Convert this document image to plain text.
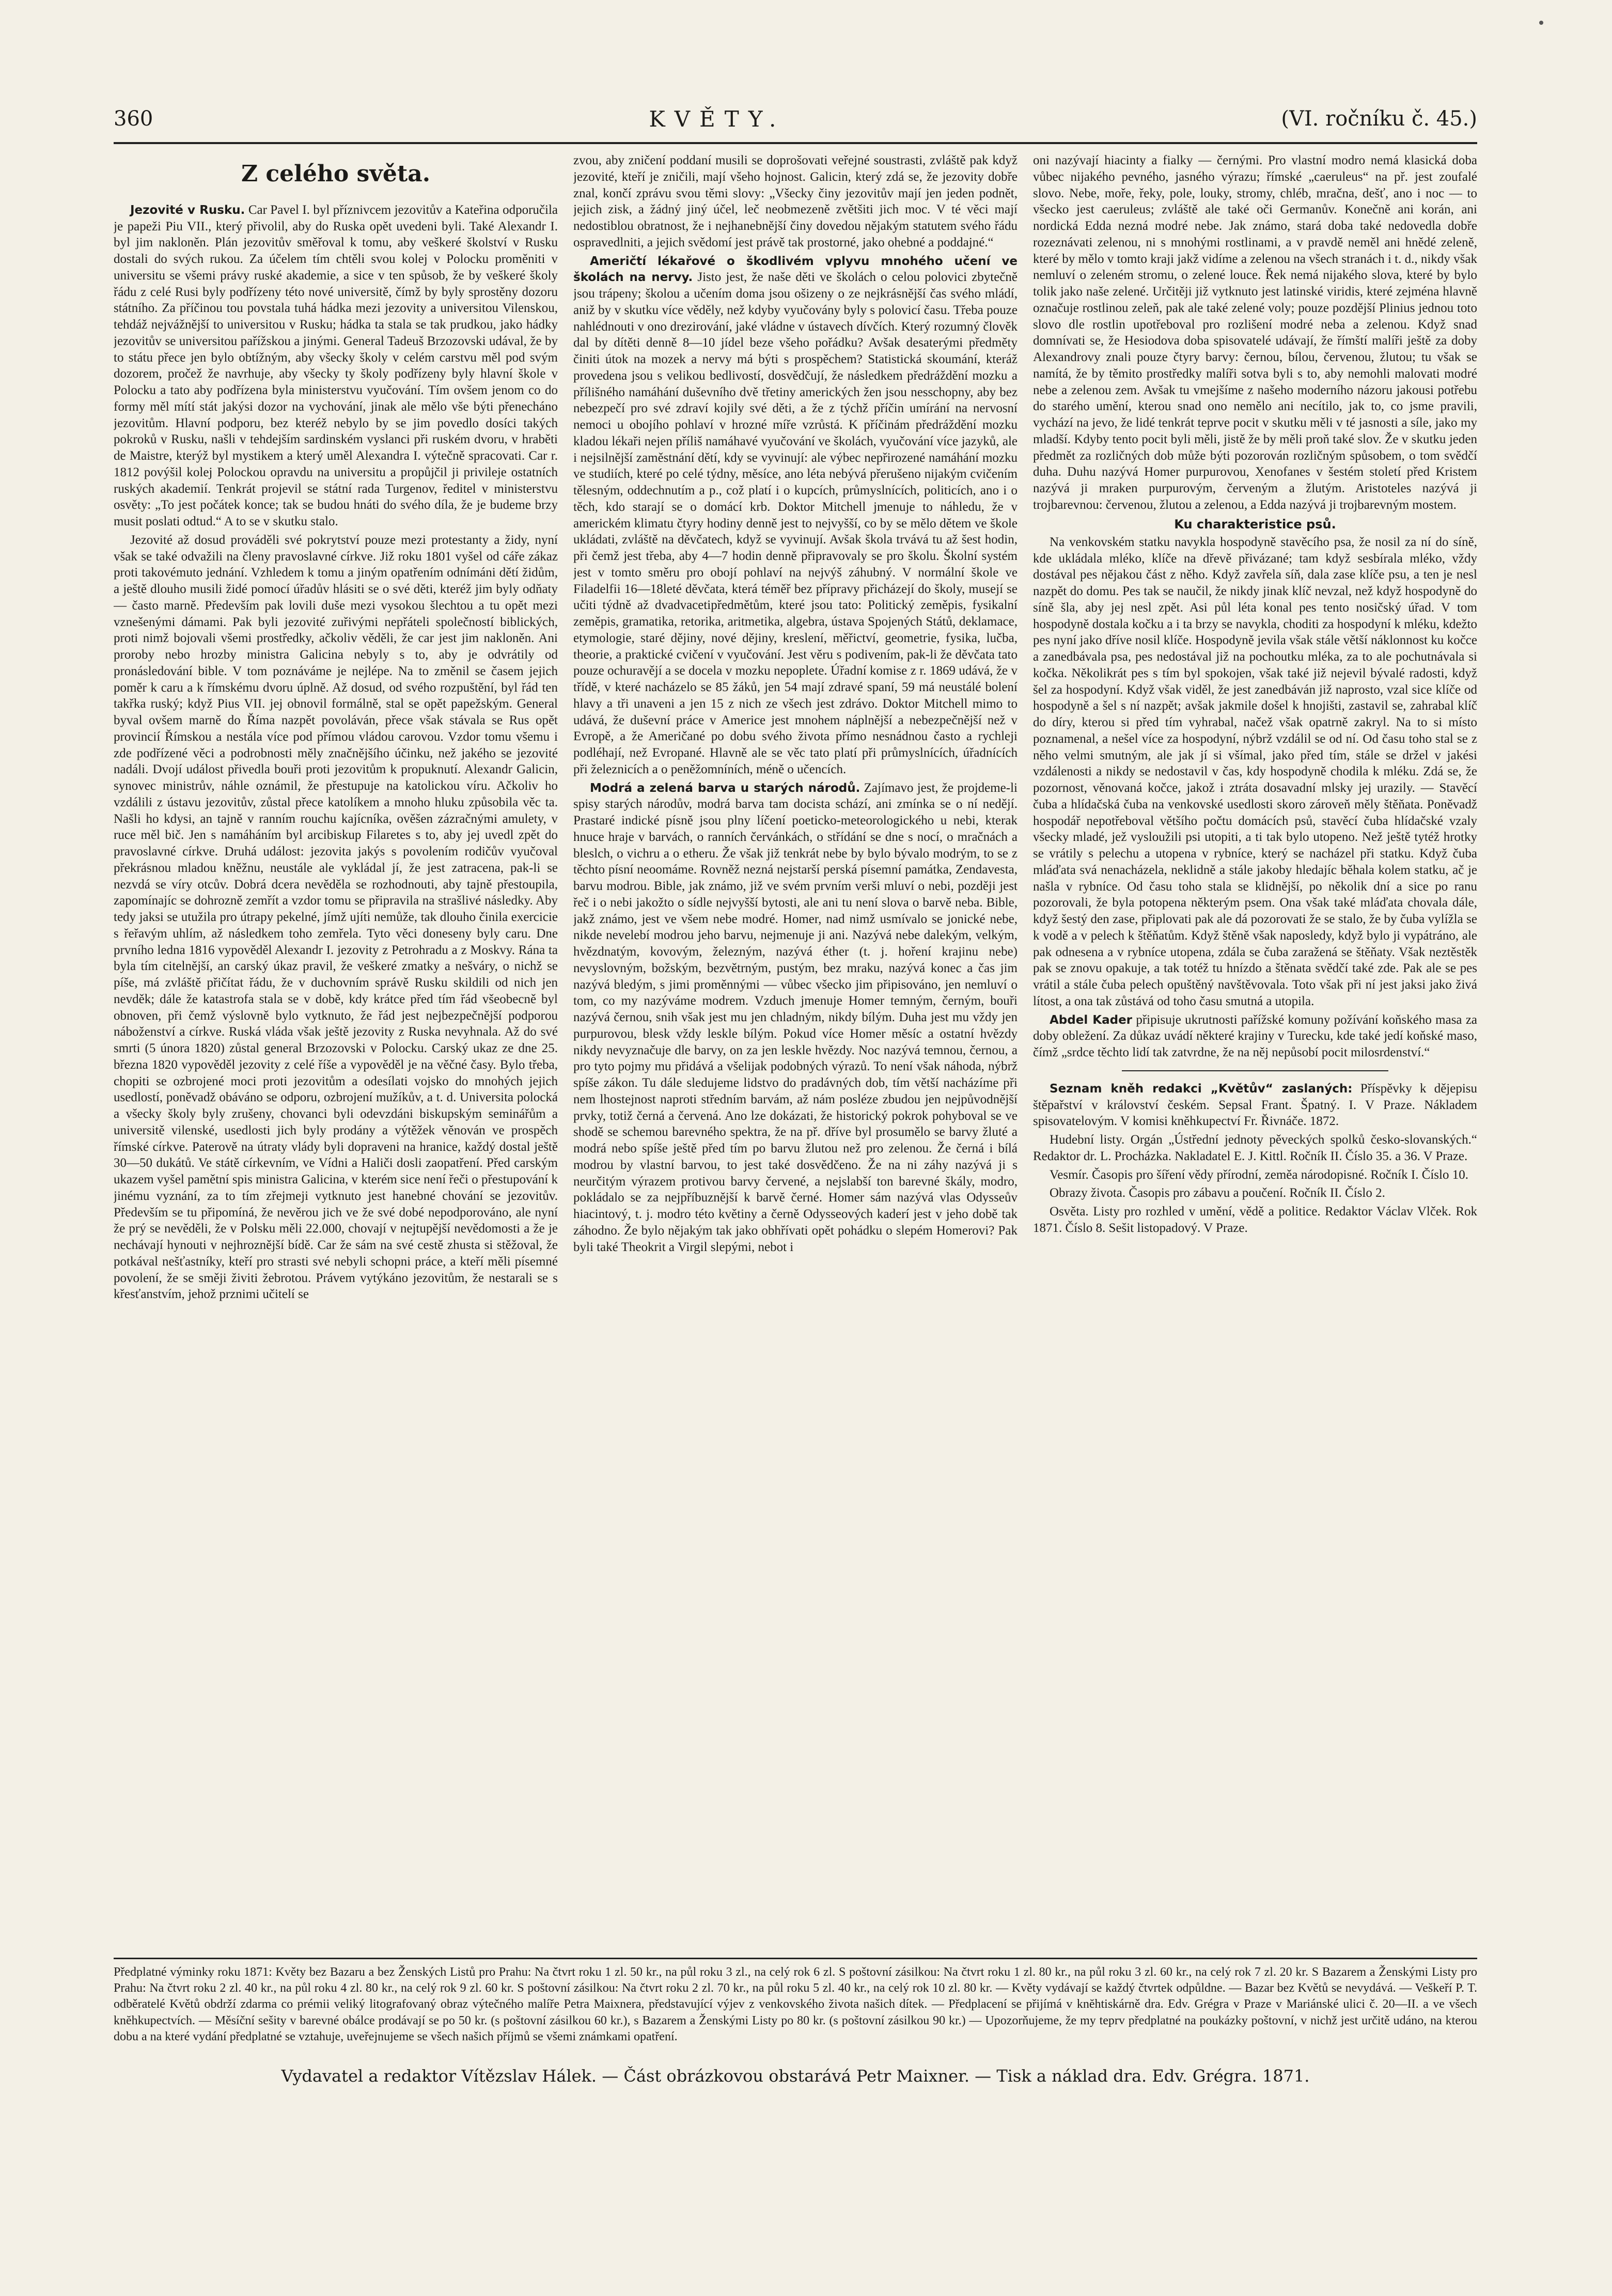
360	KVĚTY.	(VI. ročníku č. 45.)
Z celého světa.

Jezovité v Rusku. Car Pavel I. byl příznivcem jezovitův a Kateřina odporučila je papeži Piu VII., který přivolil, aby do Ruska opět uvedeni byli. Také Alexandr I. byl jim nakloněn. Plán jezovitův směřoval k tomu, aby veškeré školství v Rusku dostali do svých rukou. Za účelem tím chtěli svou kolej v Polocku proměniti v universitu se všemi právy ruské akademie, a sice v ten spůsob, že by veškeré školy řádu z celé Rusi byly podřízeny této nové universitě, čímž by byly sprostěny dozoru státního. Za příčinou tou povstala tuhá hádka mezi jezovity a universitou Vilenskou, tehdáž nejvážnější to universitou v Rusku; hádka ta stala se tak prudkou, jako hádky jezovitův se universitou pařížskou a jinými. General Tadeuš Brzozovski udával, že by to státu přece jen bylo obtížným, aby všecky školy v celém carstvu měl pod svým dozorem, pročež že navrhuje, aby všecky ty školy podřízeny byly hlavní škole v Polocku a tato aby podřízena byla ministerstvu vyučování. Tím ovšem jenom co do formy měl mítí stát jakýsi dozor na vychování, jinak ale mělo vše býti přenecháno jezovitům. Hlavní podporu, bez kteréž nebylo by se jim povedlo dosíci takých pokroků v Rusku, našli v tehdejším sardinském vyslanci při ruském dvoru, v hraběti de Maistre, kterýž byl mystikem a který uměl Alexandra I. výtečně spracovati. Car r. 1812 povýšil kolej Polockou opravdu na universitu a propůjčil ji privileje ostatních ruských akademií. Tenkrát projevil se státní rada Turgenov, ředitel v ministerstvu osvěty: „To jest počátek konce; tak se budou hnáti do svého díla, že je budeme brzy musit poslati odtud.“ A to se v skutku stalo.

Jezovité až dosud prováděli své pokrytství pouze mezi protestanty a židy, nyní však se také odvažili na členy pravoslavné církve. Již roku 1801 vyšel od cáře zákaz proti takovémuto jednání. Vzhledem k tomu a jiným opatřením odnímáni dětí židům, a ještě dlouho musili židé pomocí úřadův hlásiti se o své děti, kteréž jim byly odňaty — často marně. Především pak lovili duše mezi vysokou šlechtou a tu opět mezi vznešenými dámami. Pak byli jezovité zuřivými nepřáteli společností biblických, proti nimž bojovali všemi prostředky, ačkoliv věděli, že car jest jim nakloněn. Ani proroby nebo hrozby ministra Galicina nebyly s to, aby je odvrátily od pronásledování bible. V tom poznáváme je nejlépe. Na to změnil se časem jejich poměr k caru a k římskému dvoru úplně. Až dosud, od svého rozpuštění, byl řád ten takřka ruský; když Pius VII. jej obnovil formálně, stal se opět papežským. General byval ovšem marně do Říma nazpět povoláván, přece však stávala se Rus opět provincií Římskou a nestála více pod přímou vládou carovou. Vzdor tomu všemu i zde podřízené věci a podrobnosti měly značnějšího účinku, než jakého se jezovité nadáli. Dvojí událost přivedla bouři proti jezovitům k propuknutí. Alexandr Galicin, synovec ministrův, náhle oznámil, že přestupuje na katolickou víru. Ačkoliv ho vzdálili z ústavu jezovitův, zůstal přece katolíkem a mnoho hluku způsobila věc ta. Našli ho kdysi, an tajně v ranním rouchu kajícníka, ověšen zázračnými amulety, v ruce měl bič. Jen s namáháním byl arcibiskup Filaretes s to, aby jej uvedl zpět do pravoslavné církve. Druhá událost: jezovita jakýs s povolením rodičův vyučoval překrásnou mladou kněžnu, neustále ale vykládal jí, že jest zatracena, pak-li se nezvdá se víry otcův. Dobrá dcera nevěděla se rozhodnouti, aby tajně přestoupila, zapomínajíc se dohrozně zemřít a vzdor tomu se připravila na strašlivé následky. Aby tedy jaksi se utužila pro útrapy pekelné, jímž ujíti nemůže, tak dlouho činila exercicie s řeřavým uhlím, až následkem toho zemřela. Tyto věci doneseny byly caru. Dne prvního ledna 1816 vypověděl Alexandr I. jezovity z Petrohradu a z Moskvy. Rána ta byla tím citelnější, an carský úkaz pravil, že veškeré zmatky a nešváry, o nichž se píše, má zvláště přičítat řádu, že v duchovním správě Rusku skildili od nich jen nevděk; dále že katastrofa stala se v době, kdy krátce před tím řád všeobecně byl obnoven, při čemž výslovně bylo vytknuto, že řád jest nejbezpečnější podporou náboženství a církve. Ruská vláda však ještě jezovity z Ruska nevyhnala. Až do své smrti (5 února 1820) zůstal general Brzozovski v Polocku. Carský ukaz ze dne 25. března 1820 vypověděl jezovity z celé říše a vypověděl je na věčné časy. Bylo třeba, chopiti se ozbrojené moci proti jezovitům a odesílati vojsko do mnohých jejich usedlostí, poněvadž obáváno se odporu, ozbrojení mužíkův, a t. d. Universita polocká a všecky školy byly zrušeny, chovanci byli odevzdáni biskupským seminářům a universitě vilenské, usedlosti jich byly prodány a výtěžek věnován ve prospěch římské církve. Paterově na útraty vlády byli dopraveni na hranice, každý dostal ještě 30—50 dukátů. Ve státě církevním, ve Vídni a Haliči dosli zaopatření. Před carským ukazem vyšel pamětní spis ministra Galicina, v kterém sice není řeči o přestupování k jinému vyznání, za to tím zřejmeji vytknuto jest hanebné chování se jezovitův. Především se tu připomíná, že nevěrou jich ve že své dobé nepodporováno, ale nyní že prý se nevěděli, že v Polsku měli 22.000, chovají v nejtupější nevědomosti a že je nechávají hynouti v nejhroznější bídě. Car že sám na své cestě zhusta si stěžoval, že potkával nešťastníky, kteří pro strasti své nebyli schopni práce, a kteří měli písemné povolení, že se směji živiti žebrotou. Právem vytýkáno jezovitům, že nestarali se s křesťanstvím, jehož prznimi učitelí se

zvou, aby zničení poddaní musili se doprošovati veřejné soustrasti, zvláště pak když jezovité, kteří je zničili, mají všeho hojnost. Galicin, který zdá se, že jezovity dobře znal, končí zprávu svou těmi slovy: „Všecky činy jezovitův mají jen jeden podnět, jejich zisk, a žádný jiný účel, leč neobmezeně zvětšiti jich moc. V té věci mají nedostiblou obratnost, že i nejhanebnější činy dovedou nějakým statutem svého řádu ospravedlniti, a jejich svědomí jest právě tak prostorné, jako ohebné a poddajné.“

Američtí lékařové o škodlivém vplyvu mnohého učení ve školách na nervy. Jisto jest, že naše děti ve školách o celou polovici zbytečně jsou trápeny; školou a učením doma jsou ošizeny o ze nejkrásnější čas svého mládí, aniž by v skutku více věděly, než kdyby vyučovány byly s polovicí času. Třeba pouze nahlédnouti v ono drezirování, jaké vládne v ústavech dívčích. Který rozumný člověk dal by dítěti denně 8—10 jídel beze všeho pořádku? Avšak desaterými předměty činiti útok na mozek a nervy má býti s prospěchem? Statistická skoumání, kteráž provedena jsou s velikou bedlivostí, dosvědčují, že následkem předráždění mozku a přílišného namáhání duševního dvě třetiny amerických žen jsou nesschopny, aby bez nebezpečí pro své zdraví kojily své děti, a že z týchž příčin umírání na nervosní nemoci u obojího pohlaví v hrozné míře vzrůstá. K příčinám předráždění mozku kladou lékaři nejen příliš namáhavé vyučování ve školách, vyučování více jazyků, ale i nejsilnější zaměstnání dětí, kdy se vyvinují: ale výbec nepřirozené namáhání mozku ve studiích, které po celé týdny, měsíce, ano léta nebývá přerušeno nijakým cvičením tělesným, oddechnutím a p., což platí i o kupcích, průmyslnících, politicích, ano i o těch, kdo starají se o domácí krb. Doktor Mitchell jmenuje to náhledu, že v americkém klimatu čtyry hodiny denně jest to nejvyšší, co by se mělo dětem ve škole ukládati, zvláště na děvčatech, když se vyvinují. Avšak škola trvává tu až šest hodin, při čemž jest třeba, aby 4—7 hodin denně připravovaly se pro školu. Školní systém jest v tomto směru pro obojí pohlaví na nejvýš záhubný. V normální škole ve Filadelfii 16—18leté děvčata, která téměř bez přípravy přicházejí do školy, musejí se učiti týdně až dvadvacetipředmětům, které jsou tato: Politický zeměpis, fysikalní zeměpis, gramatika, retorika, aritmetika, algebra, ústava Spojených Států, deklamace, etymologie, staré dějiny, nové dějiny, kreslení, měřictví, geometrie, fysika, lučba, theorie, a praktické cvičení v vyučování. Jest věru s podivením, pak-li že děvčata tato pouze ochuravějí a se docela v mozku nepoplete. Úřadní komise z r. 1869 udává, že v třídě, v které nacházelo se 85 žáků, jen 54 mají zdravé spaní, 59 má neustálé bolení hlavy a tři unaveni a jen 15 z nich ze všech jest zdrávo. Doktor Mitchell mimo to udává, že duševní práce v Americe jest mnohem náplnější a nebezpečnější než v Evropě, a že Američané po dobu svého života přímo nesnádnou často a rychleji podléhají, než Evropané. Hlavně ale se věc tato platí při průmyslnících, úřadnících při železnicích a o peněžomníních, méně o učencích.

Modrá a zelená barva u starých národů. Zajímavo jest, že projdeme-li spisy starých národův, modrá barva tam docista schází, ani zmínka se o ní nedějí. Prastaré indické písně jsou plny líčení poeticko-meteorologického u nebi, kterak hnuce hraje v barvách, o ranních červánkách, o střídání se dne s nocí, o mračnách a bleslch, o vichru a o etheru. Že však již tenkrát nebe by bylo bývalo modrým, to se z těchto písní neoomáme. Rovněž nezná nejstarší perská písemní památka, Zendavesta, barvu modrou. Bible, jak známo, již ve svém prvním verši mluví o nebi, později jest řeč i o nebi jakožto o sídle nejvyšší bytosti, ale ani tu není slova o barvě neba. Bible, jakž známo, jest ve všem nebe modré. Homer, nad nimž usmívalo se jonické nebe, nikde nevelebí modrou jeho barvu, nejmenuje ji ani. Nazývá nebe dalekým, velkým, hvězdnatým, kovovým, železným, nazývá éther (t. j. hoření krajinu nebe) nevyslovným, božským, bezvětrným, pustým, bez mraku, nazývá konec a čas jim nazývá bledým, s jimi proměnnými — vůbec všecko jim připisováno, jen nemluví o tom, co my nazýváme modrem. Vzduch jmenuje Homer temným, černým, bouři nazývá černou, snih však jest mu jen chladným, nikdy bílým. Duha jest mu vždy jen purpurovou, blesk vždy leskle bílým. Pokud více Homer měsíc a ostatní hvězdy nikdy nevyznačuje dle barvy, on za jen leskle hvězdy. Noc nazývá temnou, černou, a pro tyto pojmy mu přidává a všelijak podobných výrazů. To není však náhoda, nýbrž spíše zákon. Tu dále sledujeme lidstvo do pradávných dob, tím větší nacházíme při nem lhostejnost naproti středním barvám, až nám posléze zbudou jen nejpůvodnější prvky, totiž černá a červená. Ano lze dokázati, že historický pokrok pohyboval se ve shodě se schemou barevného spektra, že na př. dříve byl prosumělo se barvy žluté a modrá nebo spíše ještě před tím po barvu žlutou než pro zelenou. Že černá i bílá modrou by vlastní barvou, to jest také dosvědčeno. Že na ni záhy nazývá ji s neurčitým výrazem protivou barvy červené, a nejslabší ton barevné škály, modro, pokládalo se za nejpříbuznější k barvě černé. Homer sám nazývá vlas Odysseův hiacintový, t. j. modro této květiny a černě Odysseových kaderí jest v jeho době tak záhodno. Že bylo nějakým tak jako obhřívati opět pohádku o slepém Homerovi? Pak byli také Theokrit a Virgil slepými, nebot i

oni nazývají hiacinty a fialky — černými. Pro vlastní modro nemá klasická doba vůbec nijakého pevného, jasného výrazu; římské „caeruleus“ na př. jest zoufalé slovo. Nebe, moře, řeky, pole, louky, stromy, chléb, mračna, dešť, ano i noc — to všecko jest caeruleus; zvláště ale také oči Germanův. Konečně ani korán, ani nordická Edda nezná modré nebe. Jak známo, stará doba také nedovedla dobře rozeznávati zelenou, ni s mnohými rostlinami, a v pravdě neměl ani hnědé zeleně, které by mělo v tomto kraji jakž vidíme a zelenou na všech stranách i t. d., nikdy však nemluví o zeleném stromu, o zelené louce. Řek nemá nijakého slova, které by bylo tolik jako naše zelené. Určitěji již vytknuto jest latinské viridis, které zejména hlavně označuje rostlinou zeleň, pak ale také zelené voly; pouze pozdější Plinius jednou toto slovo dle rostlin upotřeboval pro rozlišení modré neba a zelenou. Když snad domnívati se, že Hesiodova doba spisovatelé udávají, že římští malíři ještě za doby Alexandrovy znali pouze čtyry barvy: černou, bílou, červenou, žlutou; tu však se namítá, že by těmito prostředky malíři sotva byli s to, aby nemohli malovati modré nebe a zelenou zem. Avšak tu vmejšíme z našeho moderního názoru jakousi potřebu do starého umění, kterou snad ono nemělo ani necítilo, jak to, co jsme pravili, vychází na jevo, že lidé tenkrát teprve pocit v skutku měli v té jasnosti a síle, jako my mladší. Kdyby tento pocit byli měli, jistě že by měli proň také slov. Že v skutku jeden předmět za rozličných dob může býti pozorován rozličným spůsobem, o tom svědčí duha. Duhu nazývá Homer purpurovou, Xenofanes v šestém století před Kristem nazývá ji mraken purpurovým, červeným a žlutým. Aristoteles nazývá ji trojbarevnou: červenou, žlutou a zelenou, a Edda nazývá ji trojbarevným mostem.

Ku charakteristice psů.

Na venkovském statku navykla hospodyně stavěcího psa, že nosil za ní do síně, kde ukládala mléko, klíče na dřevě přivázané; tam když sesbírala mléko, vždy dostával pes nějakou část z něho. Když zavřela síň, dala zase klíče psu, a ten je nesl nazpět do domu. Pes tak se naučil, že nikdy jinak klíč nevzal, než když hospodyně do síně šla, aby jej nesl zpět. Asi půl léta konal pes tento nosičský úřad. V tom hospodyně dostala kočku a i ta brzy se navykla, choditi za hospodyní k mléku, kdežto pes nyní jako dříve nosil klíče. Hospodyně jevila však stále větší náklonnost ku kočce a zanedbávala psa, pes nedostával již na pochoutku mléka, za to ale pochutnávala si kočka. Několikrát pes s tím byl spokojen, však také již nejevil bývalé radosti, když šel za hospodyní. Když však viděl, že jest zanedbáván již naprosto, vzal sice klíče od hospodyně a šel s ní nazpět; avšak jakmile došel k hnojišti, zastavil se, zahrabal klíč do díry, kterou si před tím vyhrabal, načež však opatrně zakryl. Na to si místo poznamenal, a nešel více za hospodyní, nýbrž vzdálil se od ní. Od času toho stal se z něho velmi smutným, ale jak jí si všímal, jako před tím, stále se držel v jakési vzdálenosti a nikdy se nedostavil v čas, kdy hospodyně chodila k mléku. Zdá se, že pozornost, věnovaná kočce, jakož i ztráta dosavadní mlsky jej urazily. — Stavěcí čuba a hlídačská čuba na venkovské usedlosti skoro zároveň měly štěňata. Poněvadž hospodář nepotřeboval většího počtu domácích psů, stavěcí čuba hlídačské vzaly všecky mladé, jež vysloužili psi utopiti, a ti tak bylo utopeno. Než ještě tytéž hrotky se vrátily s pelechu a utopena v rybníce, který se nacházel při statku. Když čuba mláďata svá nenacházela, neklidně a stále jakoby hledajíc běhala kolem statku, ač je našla v rybníce. Od času toho stala se klidnější, po několik dní a sice po ranu pozorovali, že byla potopena některým psem. Ona však také mláďata chovala dále, když šestý den zase, připlovati pak ale dá pozorovati že se stalo, že by čuba vylížla se k vodě a v pelech k štěňatům. Když štěně však naposledy, když bylo ji vypátráno, ale pak odnesena a v rybníce utopena, zdála se čuba zaražená se štěňaty. Však neztěstěk pak se znovu opakuje, a tak totéž tu hnízdo a štěnata svědčí také zde. Pak ale se pes vrátil a stále čuba pelech opuštěný navštěvovala. Toto však při ní jest jaksi jako živá lítost, a ona tak zůstává od toho času smutná a utopila.

Abdel Kader připisuje ukrutnosti pařížské komuny požívání koňského masa za doby obležení. Za důkaz uvádí některé krajiny v Turecku, kde také jedí koňské maso, čímž „srdce těchto lidí tak zatvrdne, že na něj nepůsobí pocit milosrdenství.“

Seznam kněh redakci „Květův“ zaslaných: Příspěvky k dějepisu štěpařství v království českém. Sepsal Frant. Špatný. I. V Praze. Nákladem spisovatelovým. V komisi knĕhkupectví Fr. Řivnáče. 1872.

Hudební listy. Orgán „Ústřední jednoty pěveckých spolků česko-slovanských.“ Redaktor dr. L. Procházka. Nakladatel E. J. Kittl. Ročník II. Číslo 35. a 36. V Praze.

Vesmír. Časopis pro šíření vědy přírodní, zeměa národopisné. Ročník I. Číslo 10.

Obrazy života. Časopis pro zábavu a poučení. Ročník II. Číslo 2.

Osvěta. Listy pro rozhled v umění, vědě a politice. Redaktor Václav Vlček. Rok 1871. Číslo 8. Sešit listopadový. V Praze.

Předplatné výminky roku 1871: Květy bez Bazaru a bez Ženských Listů pro Prahu: Na čtvrt roku 1 zl. 50 kr., na půl roku 3 zl., na celý rok 6 zl. S poštovní zásilkou: Na čtvrt roku 1 zl. 80 kr., na půl roku 3 zl. 60 kr., na celý rok 7 zl. 20 kr. S Bazarem a Ženskými Listy pro Prahu: Na čtvrt roku 2 zl. 40 kr., na půl roku 4 zl. 80 kr., na celý rok 9 zl. 60 kr. S poštovní zásilkou: Na čtvrt roku 2 zl. 70 kr., na půl roku 5 zl. 40 kr., na celý rok 10 zl. 80 kr. — Květy vydávají se každý čtvrtek odpůldne. — Bazar bez Květů se nevydává. — Veškeří P. T. odběratelé Květů obdrží zdarma co prémii veliký litografovaný obraz výtečného malíře Petra Maixnera, představující výjev z venkovského života našich dítek. — Předplacení se přijímá v knĕhtiskárně dra. Edv. Grégra v Praze v Mariánské ulici č. 20—II. a ve všech knĕhkupectvích. — Měsíční sešity v barevné obálce prodávají se po 50 kr. (s poštovní zásilkou 60 kr.), s Bazarem a Ženskými Listy po 80 kr. (s poštovní zásilkou 90 kr.) — Upozorňujeme, že my teprv předplatné na poukázky poštovní, v nichž jest určitě udáno, na kterou dobu a na které vydání předplatné se vztahuje, uveřejnujeme se všech našich příjmů se všemi známkami opatření.
Vydavatel a redaktor Vítězslav Hálek. — Část obrázkovou obstarává Petr Maixner. — Tisk a náklad dra. Edv. Grégra. 1871.
